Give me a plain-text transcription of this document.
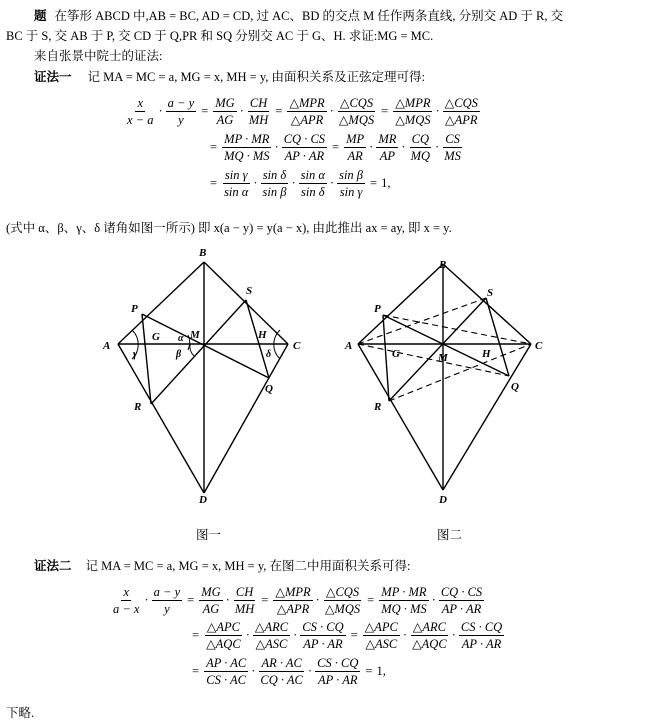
题 在筝形 ABCD 中,AB = BC, AD = CD, 过 AC、BD 的交点 M 任作两条直线, 分别交 AD 于 R, 交
BC 于 S, 交 AB 于 P, 交 CD 于 Q,PR 和 SQ 分别交 AC 于 G、H. 求证:MG = MC.
来自张景中院士的证法:
证法一 记 MA = MC = a, MG = x, MH = y, 由面积关系及正弦定理可得:
$\frac{x}{x - a} \cdot \frac{a - y}{y} = \frac{MG}{AG} \cdot \frac{CH}{MH} = \frac{\text{△MPR}}{\text{△APR}} \cdot \frac{\text{△CQS}}{\text{△MQS}} = \frac{\text{△MPR}}{\text{△MQS}} \cdot \frac{\text{△CQS}}{\text{△APR}}$
= $\frac{MP \cdot MR}{MQ \cdot MS} \cdot \frac{CQ \cdot CS}{AP \cdot AR} = \frac{MP}{AR} \cdot \frac{MR}{AP} \cdot \frac{CQ}{MQ} \cdot \frac{CS}{MS}$
= $\frac{\text{sin γ}}{\text{sin α}} \cdot \frac{\text{sin δ}}{\text{sin β}} \cdot \frac{\text{sin α}}{\text{sin δ}} \cdot \frac{\text{sin β}}{\text{sin γ}} = 1$,
(式中 α、β、γ、δ 诸角如图一所示) 即 x(a − y) = y(a − x), 由此推出 ax = ay, 即 x = y.
A
B
C
D
M
P
S
R
Q
G	H
γ	δ
α
β
图一
A
B
C
D
M
P
S
R
Q
G	H
图二
证法二 记 MA = MC = a, MG = x, MH = y, 在图二中用面积关系可得:
$\frac{x}{a - x} \cdot \frac{a - y}{y} = \frac{MG}{AG} \cdot \frac{CH}{MH} = \frac{\text{△MPR}}{\text{△APR}} \cdot \frac{\text{△CQS}}{\text{△MQS}} = \frac{MP \cdot MR}{MQ \cdot MS} \cdot \frac{CQ \cdot CS}{AP \cdot AR}$
= $\frac{\text{△APC}}{\text{△AQC}} \cdot \frac{\text{△ARC}}{\text{△ASC}} \cdot \frac{CS \cdot CQ}{AP \cdot AR} = \frac{\text{△APC}}{\text{△ASC}} \cdot \frac{\text{△ARC}}{\text{△AQC}} \cdot \frac{CS \cdot CQ}{AP \cdot AR}$
= $\frac{AP \cdot AC}{CS \cdot AC} \cdot \frac{AR \cdot AC}{CQ \cdot AC} \cdot \frac{CS \cdot CQ}{AP \cdot AR} = 1$,
下略.
